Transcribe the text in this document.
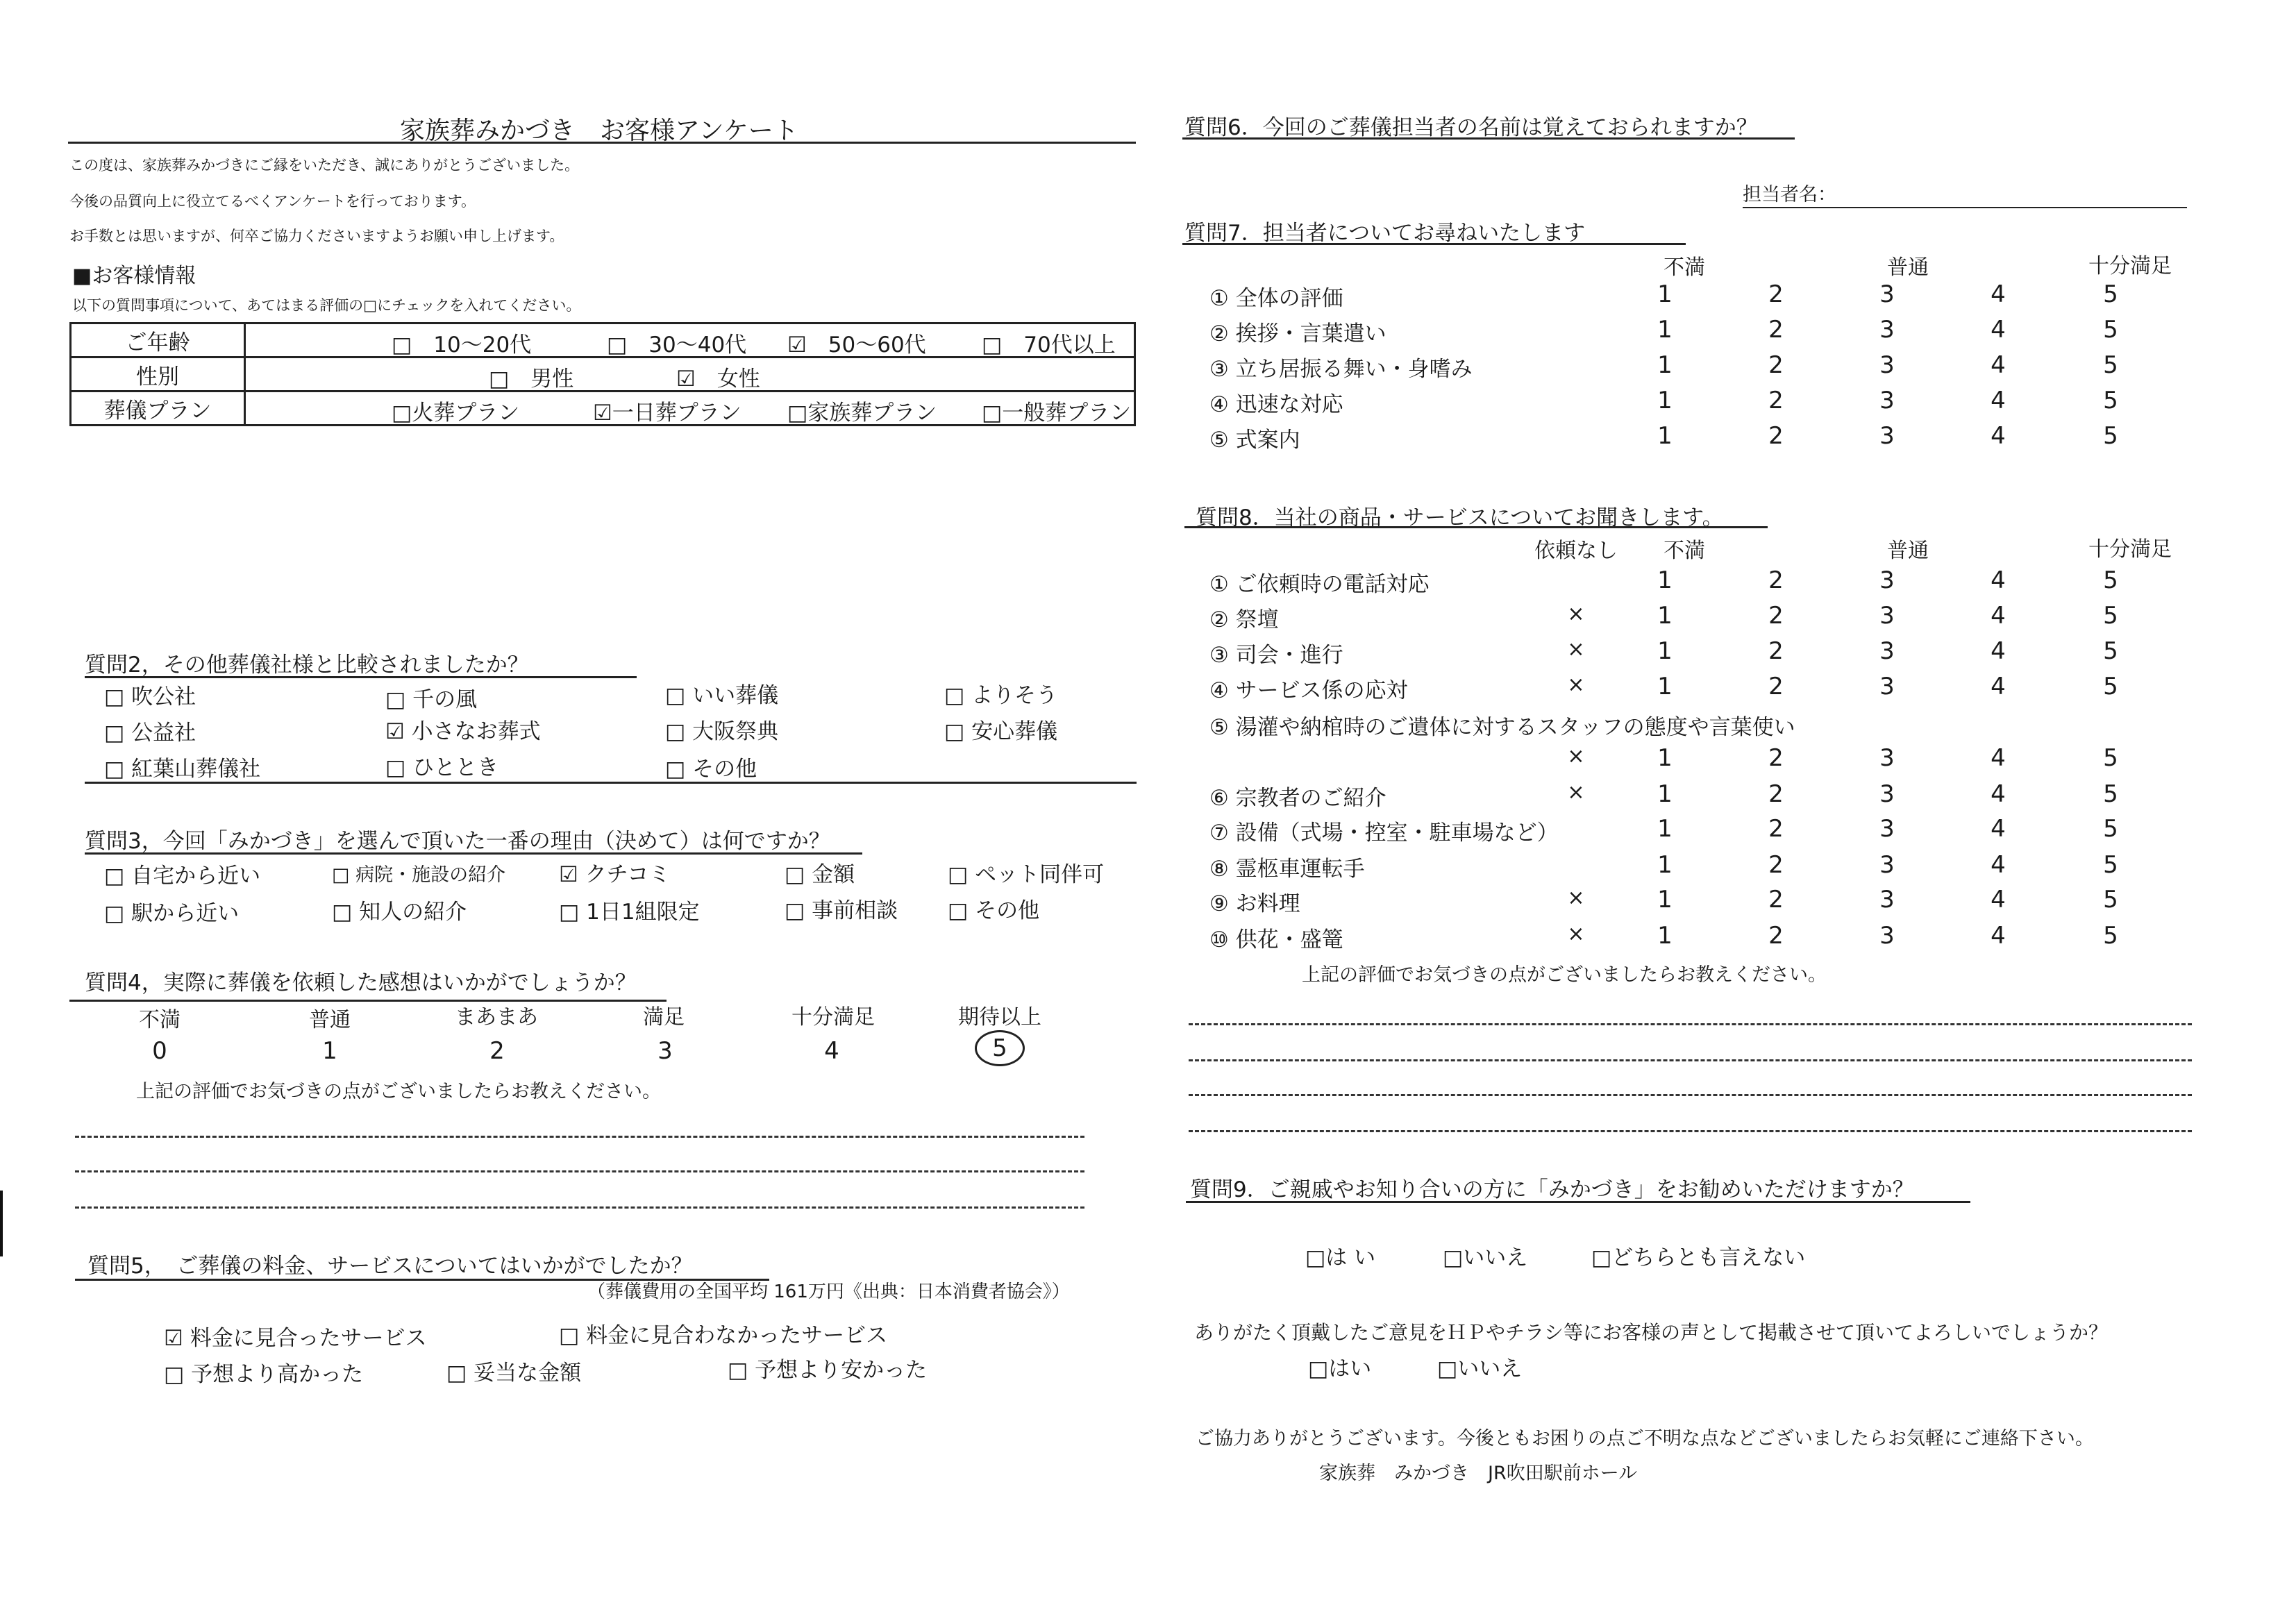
家族葬みかづき　お客様アンケート
この度は、家族葬みかづきにご縁をいただき、誠にありがとうございました。
今後の品質向上に役立てるべくアンケートを行っております。
お手数とは思いますが、何卒ご協力くださいますようお願い申し上げます。
■お客様情報
以下の質問事項について、あてはまる評価の□にチェックを入れてください。
ご年齢	□　10～20代 □　30～40代 ☑　50～60代 □　70代以上

性別	□　男性 ☑　女性

葬儀プラン	□火葬プラン ☑一日葬プラン □家族葬プラン □一般葬プラン
質問2，その他葬儀社様と比較されましたか？
□ 吹公社	□ 千の風	□ いい葬儀	□ よりそう
□ 公益社	☑ 小さなお葬式	□ 大阪祭典	□ 安心葬儀
□ 紅葉山葬儀社	□ ひととき	□ その他
質問3，今回「みかづき」を選んで頂いた一番の理由（決めて）は何ですか？
□ 自宅から近い	□ 病院・施設の紹介 ☑ クチコミ	□ 金額	□ ペット同伴可
□ 駅から近い	□ 知人の紹介	□ 1日1組限定	□ 事前相談 □ その他
質問4，実際に葬儀を依頼した感想はいかがでしょうか？
不満	普通	まあまあ	満足	十分満足	期待以上
0	1	2	3	4	5
上記の評価でお気づきの点がございましたらお教えください。
質問5，　ご葬儀の料金、サービスについてはいかがでしたか？
（葬儀費用の全国平均 161万円《出典：日本消費者協会》）
☑ 料金に見合ったサービス	□ 料金に見合わなかったサービス
□ 予想より高かった	□ 妥当な金額	□ 予想より安かった
質問6．今回のご葬儀担当者の名前は覚えておられますか？
担当者名：
質問7．担当者についてお尋ねいたします
不満	普通	十分満足
① 全体の評価	1	2	3	4	5
② 挨拶・言葉遣い	1	2	3	4	5
③ 立ち居振る舞い・身嗜み	1	2	3	4	5
④ 迅速な対応	1	2	3	4	5
⑤ 式案内	1	2	3	4	5
質問8．当社の商品・サービスについてお聞きします。
依頼なし	不満	普通	十分満足
① ご依頼時の電話対応	1	2	3	4	5
② 祭壇	×	1	2	3	4	5
③ 司会・進行	×	1	2	3	4	5
④ サービス係の応対	×	1	2	3	4	5
⑤ 湯灌や納棺時のご遺体に対するスタッフの態度や言葉使い
×	1	2	3	4	5
⑥ 宗教者のご紹介	×	1	2	3	4	5
⑦ 設備（式場・控室・駐車場など）	1	2	3	4	5
⑧ 霊柩車運転手	1	2	3	4	5
⑨ お料理	×	1	2	3	4	5
⑩ 供花・盛篭	×	1	2	3	4	5
上記の評価でお気づきの点がございましたらお教えください。
質問9．ご親戚やお知り合いの方に「みかづき」をお勧めいただけますか？
□は い	□いいえ	□どちらとも言えない
ありがたく頂戴したご意見をＨＰやチラシ等にお客様の声として掲載させて頂いてよろしいでしょうか？
□はい	□いいえ
ご協力ありがとうございます。今後ともお困りの点ご不明な点などございましたらお気軽にご連絡下さい。
家族葬　みかづき　JR吹田駅前ホール
